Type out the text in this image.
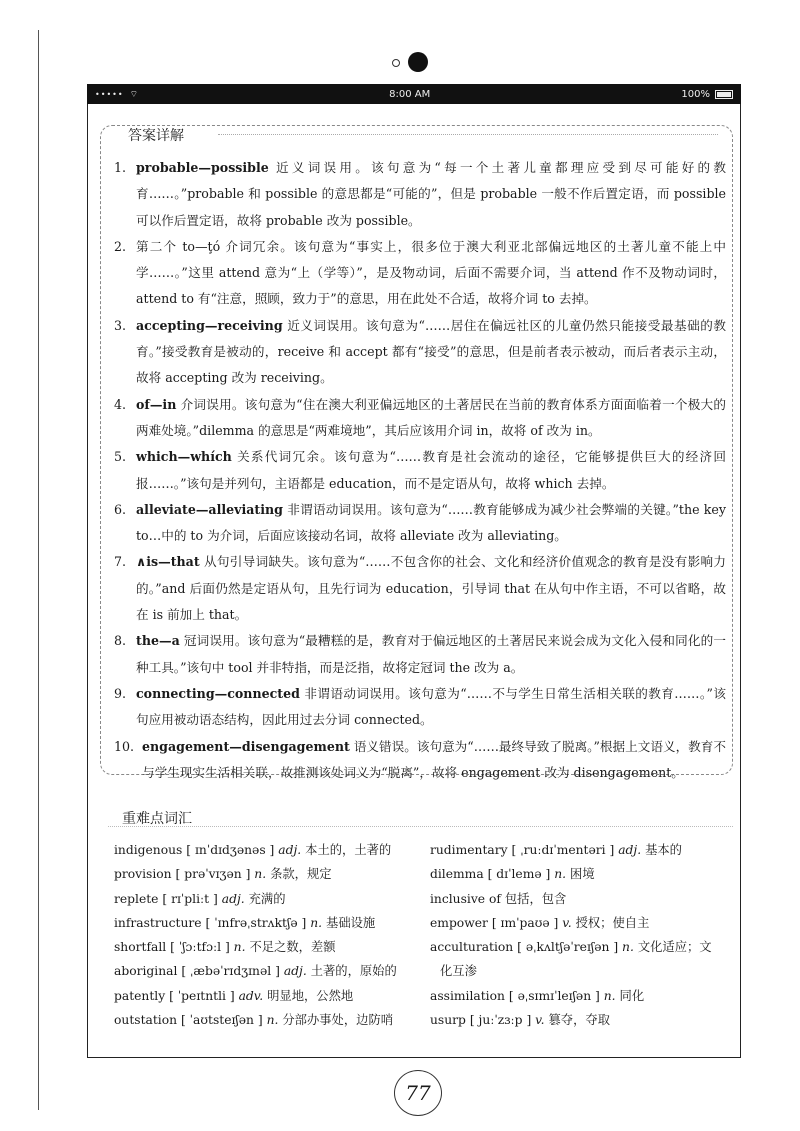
••••• ⌔	8:00 AM	100%
答案详解
1. probable—possible 近义词误用。该句意为“每一个土著儿童都理应受到尽可能好的教育……。”probable 和 possible 的意思都是“可能的”，但是 probable 一般不作后置定语，而 possible 可以作后置定语，故将 probable 改为 possible。
2. 第二个 to—ţó 介词冗余。该句意为“事实上，很多位于澳大利亚北部偏远地区的土著儿童不能上中学……。”这里 attend 意为“上（学等）”，是及物动词，后面不需要介词，当 attend 作不及物动词时，attend to 有“注意，照顾，致力于”的意思，用在此处不合适，故将介词 to 去掉。
3. accepting—receiving 近义词误用。该句意为“……居住在偏远社区的儿童仍然只能接受最基础的教育。”接受教育是被动的，receive 和 accept 都有“接受”的意思，但是前者表示被动，而后者表示主动，故将 accepting 改为 receiving。
4. of—in 介词误用。该句意为“住在澳大利亚偏远地区的土著居民在当前的教育体系方面面临着一个极大的两难处境。”dilemma 的意思是“两难境地”，其后应该用介词 in，故将 of 改为 in。
5. which—whích 关系代词冗余。该句意为“……教育是社会流动的途径，它能够提供巨大的经济回报……。”该句是并列句，主语都是 education，而不是定语从句，故将 which 去掉。
6. alleviate—alleviating 非谓语动词误用。该句意为“……教育能够成为减少社会弊端的关键。”the key to…中的 to 为介词，后面应该接动名词，故将 alleviate 改为 alleviating。
7. ∧is—that 从句引导词缺失。该句意为“……不包含你的社会、文化和经济价值观念的教育是没有影响力的。”and 后面仍然是定语从句，且先行词为 education，引导词 that 在从句中作主语，不可以省略，故在 is 前加上 that。
8. the—a 冠词误用。该句意为“最糟糕的是，教育对于偏远地区的土著居民来说会成为文化入侵和同化的一种工具。”该句中 tool 并非特指，而是泛指，故将定冠词 the 改为 a。
9. connecting—connected 非谓语动词误用。该句意为“……不与学生日常生活相关联的教育……。”该句应用被动语态结构，因此用过去分词 connected。
10. engagement—disengagement 语义错误。该句意为“……最终导致了脱离。”根据上文语义，教育不与学生现实生活相关联，故推测该处词义为“脱离”，故将 engagement 改为 disengagement。
重难点词汇
indigenous [ ɪnˈdɪdʒənəs ] adj. 本土的，土著的
provision [ prəˈvɪʒən ] n. 条款，规定
replete [ rɪˈpliːt ] adj. 充满的
infrastructure [ ˈɪnfrəˌstrʌktʃə ] n. 基础设施
shortfall [ ˈʃɔːtfɔːl ] n. 不足之数，差额
aboriginal [ ˌæbəˈrɪdʒɪnəl ] adj. 土著的，原始的
patently [ ˈpeɪtntli ] adv. 明显地，公然地
outstation [ ˈaʊtsteɪʃən ] n. 分部办事处，边防哨
rudimentary [ ˌruːdɪˈmentəri ] adj. 基本的
dilemma [ dɪˈlemə ] n. 困境
inclusive of 包括，包含
empower [ ɪmˈpaʊə ] v. 授权；使自主
acculturation [ əˌkʌltʃəˈreɪʃən ] n. 文化适应；文
化互渗
assimilation [ əˌsɪmɪˈleɪʃən ] n. 同化
usurp [ juːˈzɜːp ] v. 篡夺，夺取
77
